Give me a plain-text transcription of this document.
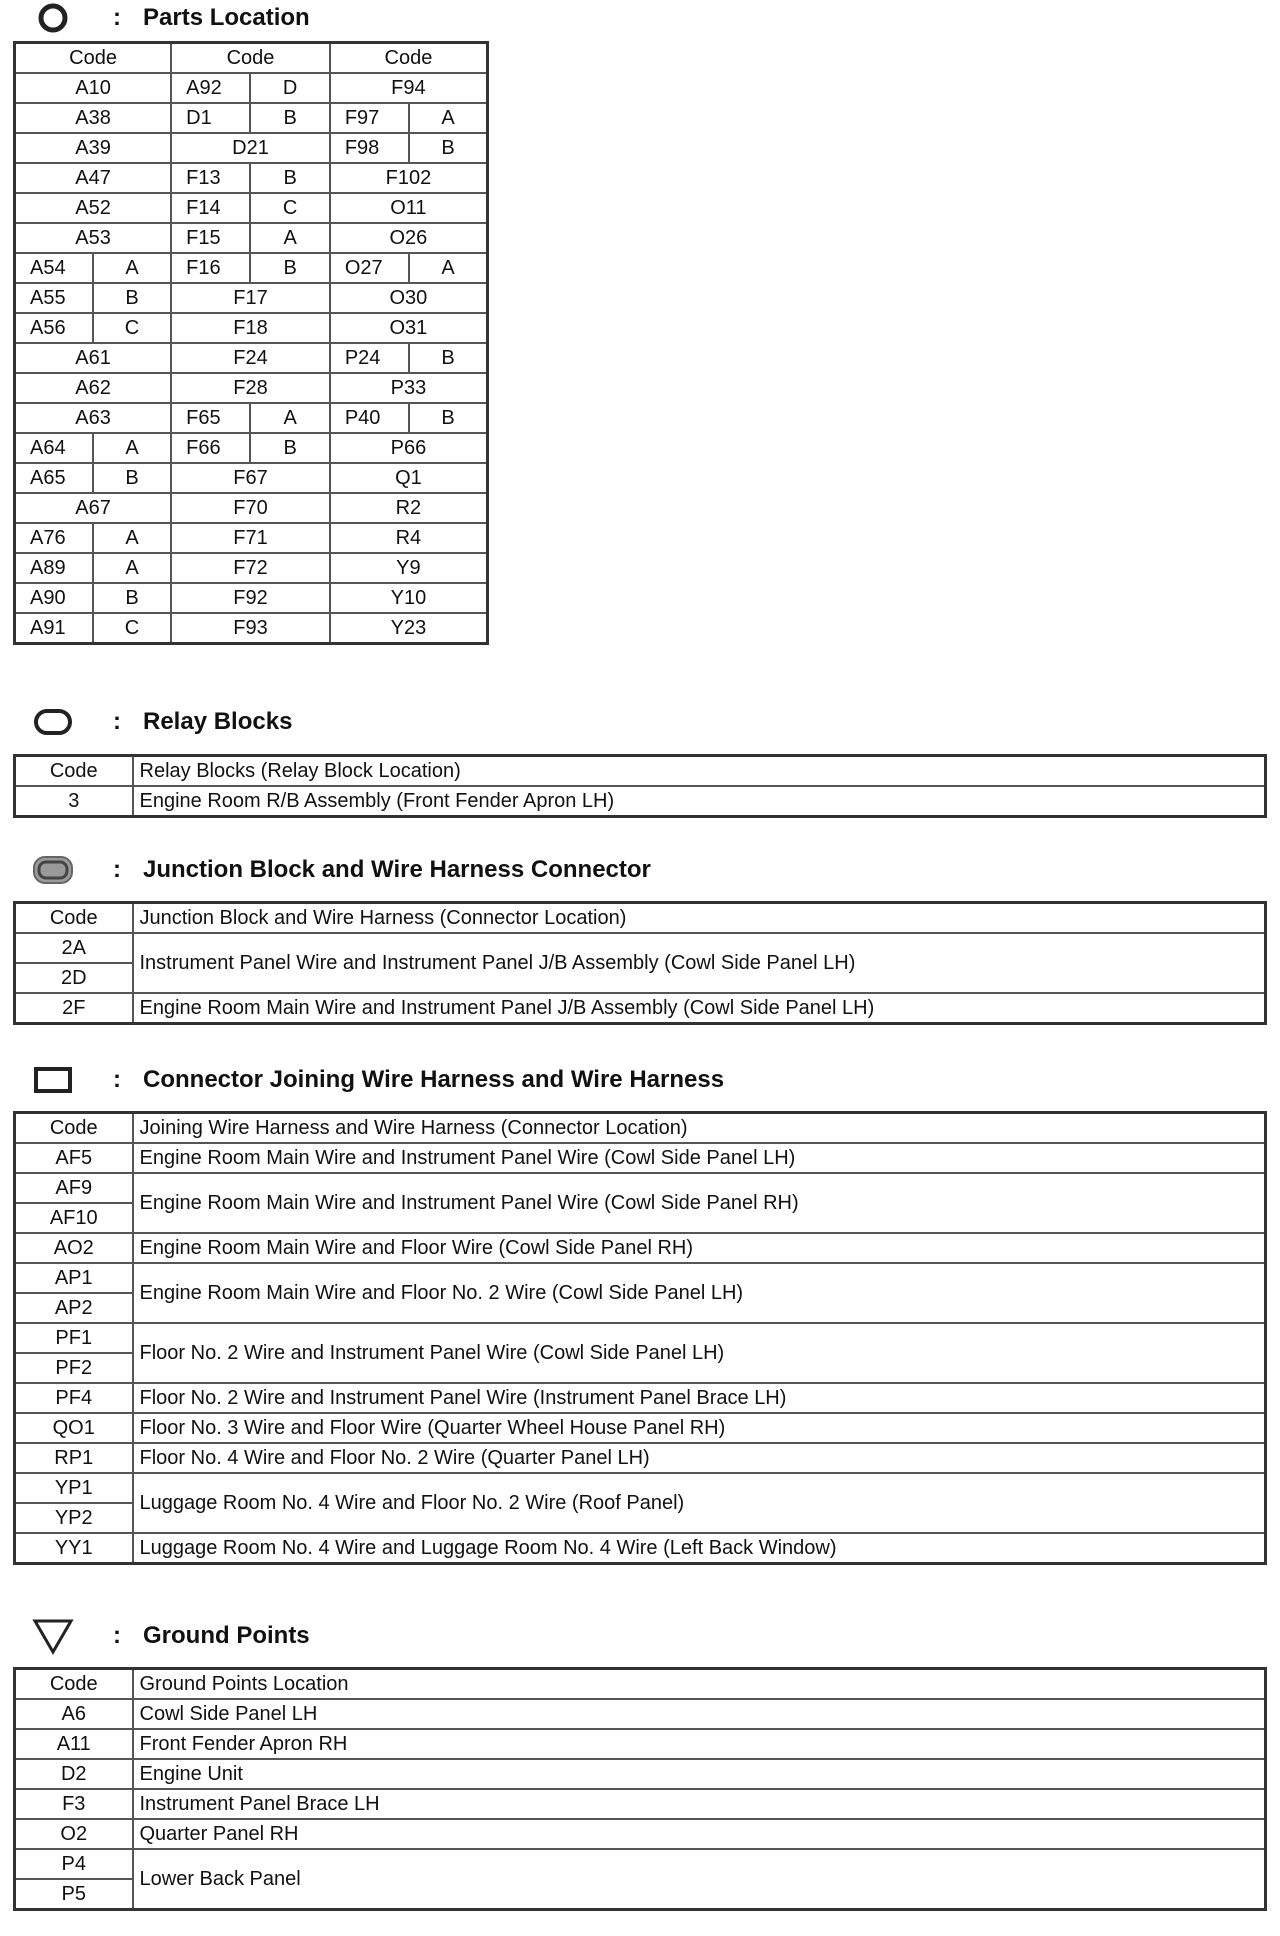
: Parts Location
Code		Code		Code	
A10		A92	D	F94	
A38		D1	B	F97	A
A39		D21		F98	B
A47		F13	B	F102	
A52		F14	C	O11	
A53		F15	A	O26	
A54	A	F16	B	O27	A
A55	B	F17		O30	
A56	C	F18		O31	
A61		F24		P24	B
A62		F28		P33	
A63		F65	A	P40	B
A64	A	F66	B	P66	
A65	B	F67		Q1	
A67		F70		R2	
A76	A	F71		R4	
A89	A	F72		Y9	
A90	B	F92		Y10	
A91	C	F93		Y23	
: Relay Blocks
Code	Relay Blocks (Relay Block Location)
3	Engine Room R/B Assembly (Front Fender Apron LH)
: Junction Block and Wire Harness Connector
Code	Junction Block and Wire Harness (Connector Location)
2A	Instrument Panel Wire and Instrument Panel J/B Assembly (Cowl Side Panel LH)
2D	
2F	Engine Room Main Wire and Instrument Panel J/B Assembly (Cowl Side Panel LH)
: Connector Joining Wire Harness and Wire Harness
Code	Joining Wire Harness and Wire Harness (Connector Location)
AF5	Engine Room Main Wire and Instrument Panel Wire (Cowl Side Panel LH)
AF9	Engine Room Main Wire and Instrument Panel Wire (Cowl Side Panel RH)
AF10	
AO2	Engine Room Main Wire and Floor Wire (Cowl Side Panel RH)
AP1	Engine Room Main Wire and Floor No. 2 Wire (Cowl Side Panel LH)
AP2	
PF1	Floor No. 2 Wire and Instrument Panel Wire (Cowl Side Panel LH)
PF2	
PF4	Floor No. 2 Wire and Instrument Panel Wire (Instrument Panel Brace LH)
QO1	Floor No. 3 Wire and Floor Wire (Quarter Wheel House Panel RH)
RP1	Floor No. 4 Wire and Floor No. 2 Wire (Quarter Panel LH)
YP1	Luggage Room No. 4 Wire and Floor No. 2 Wire (Roof Panel)
YP2	
YY1	Luggage Room No. 4 Wire and Luggage Room No. 4 Wire (Left Back Window)
: Ground Points
Code	Ground Points Location
A6	Cowl Side Panel LH
A11	Front Fender Apron RH
D2	Engine Unit
F3	Instrument Panel Brace LH
O2	Quarter Panel RH
P4	Lower Back Panel
P5	
